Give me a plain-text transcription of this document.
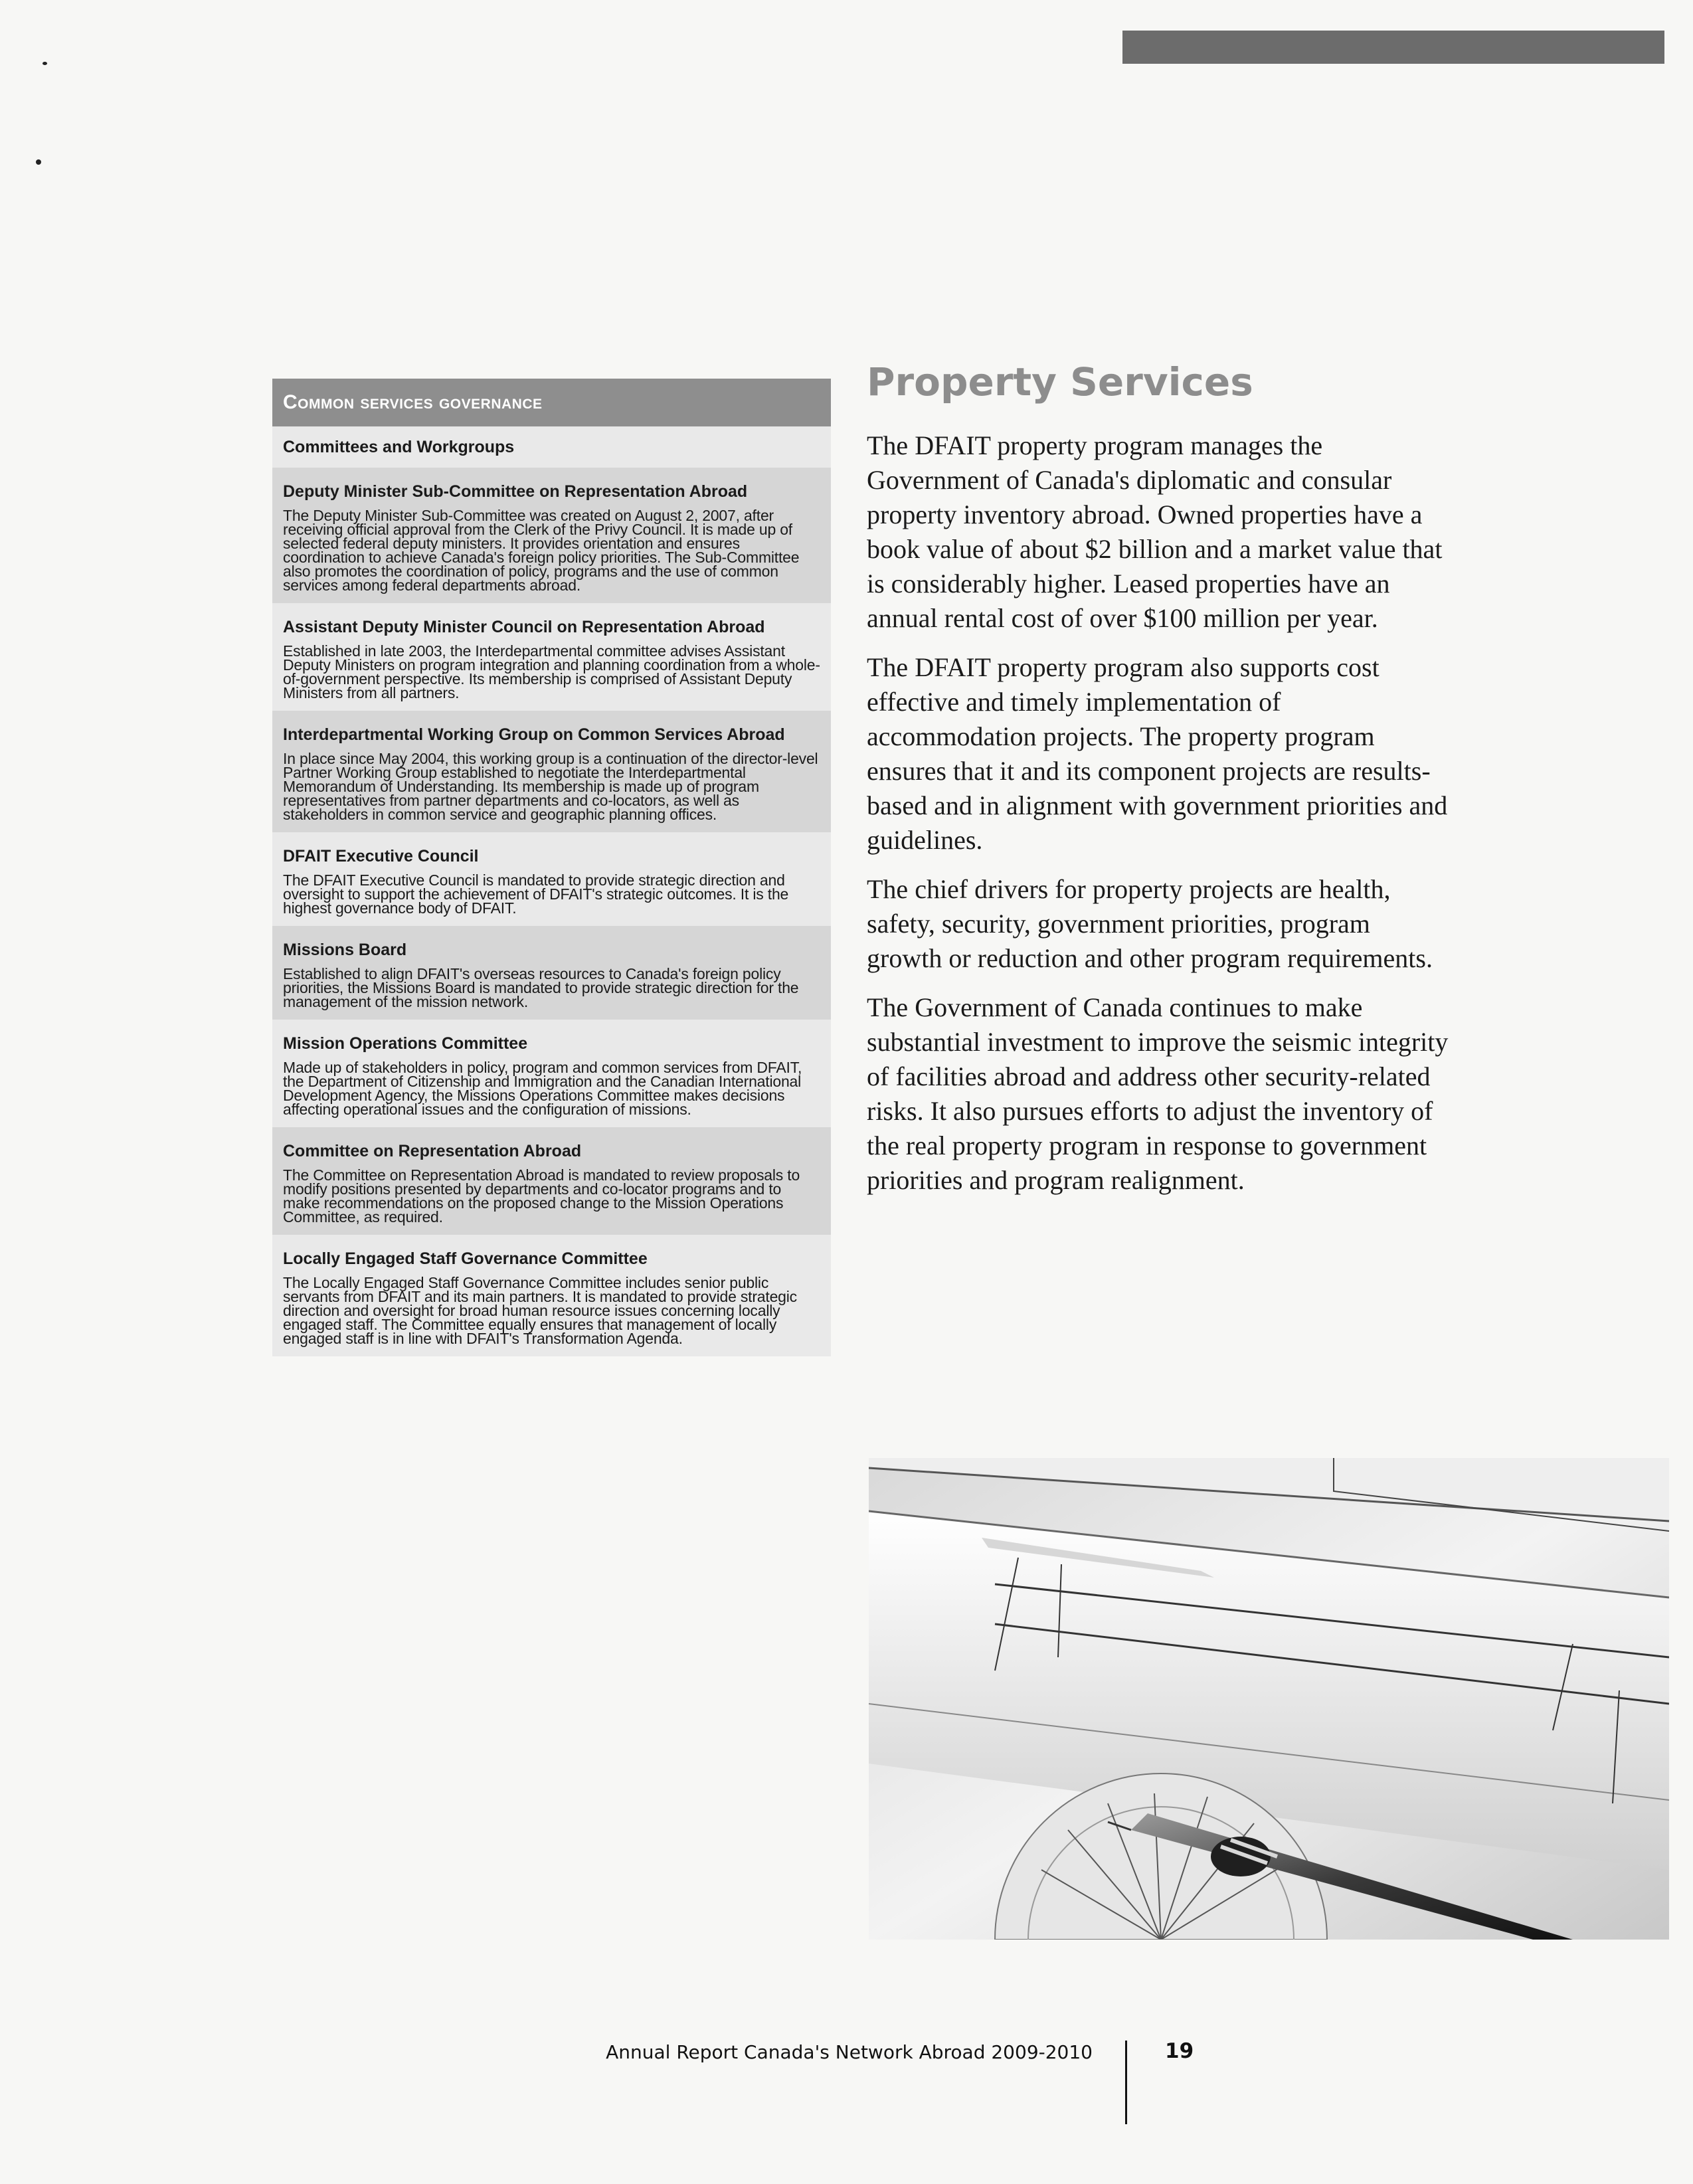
Common services governance
Committees and Workgroups
Deputy Minister Sub-Committee on Representation Abroad

The Deputy Minister Sub-Committee was created on August 2, 2007, after receiving official approval from the Clerk of the Privy Council. It is made up of selected federal deputy ministers. It provides orientation and ensures coordination to achieve Canada's foreign policy priorities. The Sub-Committee also promotes the coordination of policy, programs and the use of common services among federal departments abroad.

Assistant Deputy Minister Council on Representation Abroad

Established in late 2003, the Interdepartmental committee advises Assistant Deputy Ministers on program integration and planning coordination from a whole-of-government perspective. Its membership is comprised of Assistant Deputy Ministers from all partners.

Interdepartmental Working Group on Common Services Abroad

In place since May 2004, this working group is a continuation of the director-level Partner Working Group established to negotiate the Interdepartmental Memorandum of Understanding. Its membership is made up of program representatives from partner departments and co-locators, as well as stakeholders in common service and geographic planning offices.

DFAIT Executive Council

The DFAIT Executive Council is mandated to provide strategic direction and oversight to support the achievement of DFAIT's strategic outcomes. It is the highest governance body of DFAIT.

Missions Board

Established to align DFAIT's overseas resources to Canada's foreign policy priorities, the Missions Board is mandated to provide strategic direction for the management of the mission network.

Mission Operations Committee

Made up of stakeholders in policy, program and common services from DFAIT, the Department of Citizenship and Immigration and the Canadian International Development Agency, the Missions Operations Committee makes decisions affecting operational issues and the configuration of missions.

Committee on Representation Abroad

The Committee on Representation Abroad is mandated to review proposals to modify positions presented by departments and co-locator programs and to make recommendations on the proposed change to the Mission Operations Committee, as required.

Locally Engaged Staff Governance Committee

The Locally Engaged Staff Governance Committee includes senior public servants from DFAIT and its main partners. It is mandated to provide strategic direction and oversight for broad human resource issues concerning locally engaged staff. The Committee equally ensures that management of locally engaged staff is in line with DFAIT's Transformation Agenda.

Property Services

The DFAIT property program manages the Government of Canada's diplomatic and consular property inventory abroad. Owned properties have a book value of about $2 billion and a market value that is considerably higher. Leased properties have an annual rental cost of over $100 million per year.

The DFAIT property program also supports cost effective and timely implementation of accommodation projects. The property program ensures that it and its component projects are results-based and in alignment with government priorities and guidelines.

The chief drivers for property projects are health, safety, security, government priorities, program growth or reduction and other program requirements.

The Government of Canada continues to make substantial investment to improve the seismic integrity of facilities abroad and address other security-related risks. It also pursues efforts to adjust the inventory of the real property program in response to government priorities and program realignment.

Annual Report Canada's Network Abroad 2009-2010	19
